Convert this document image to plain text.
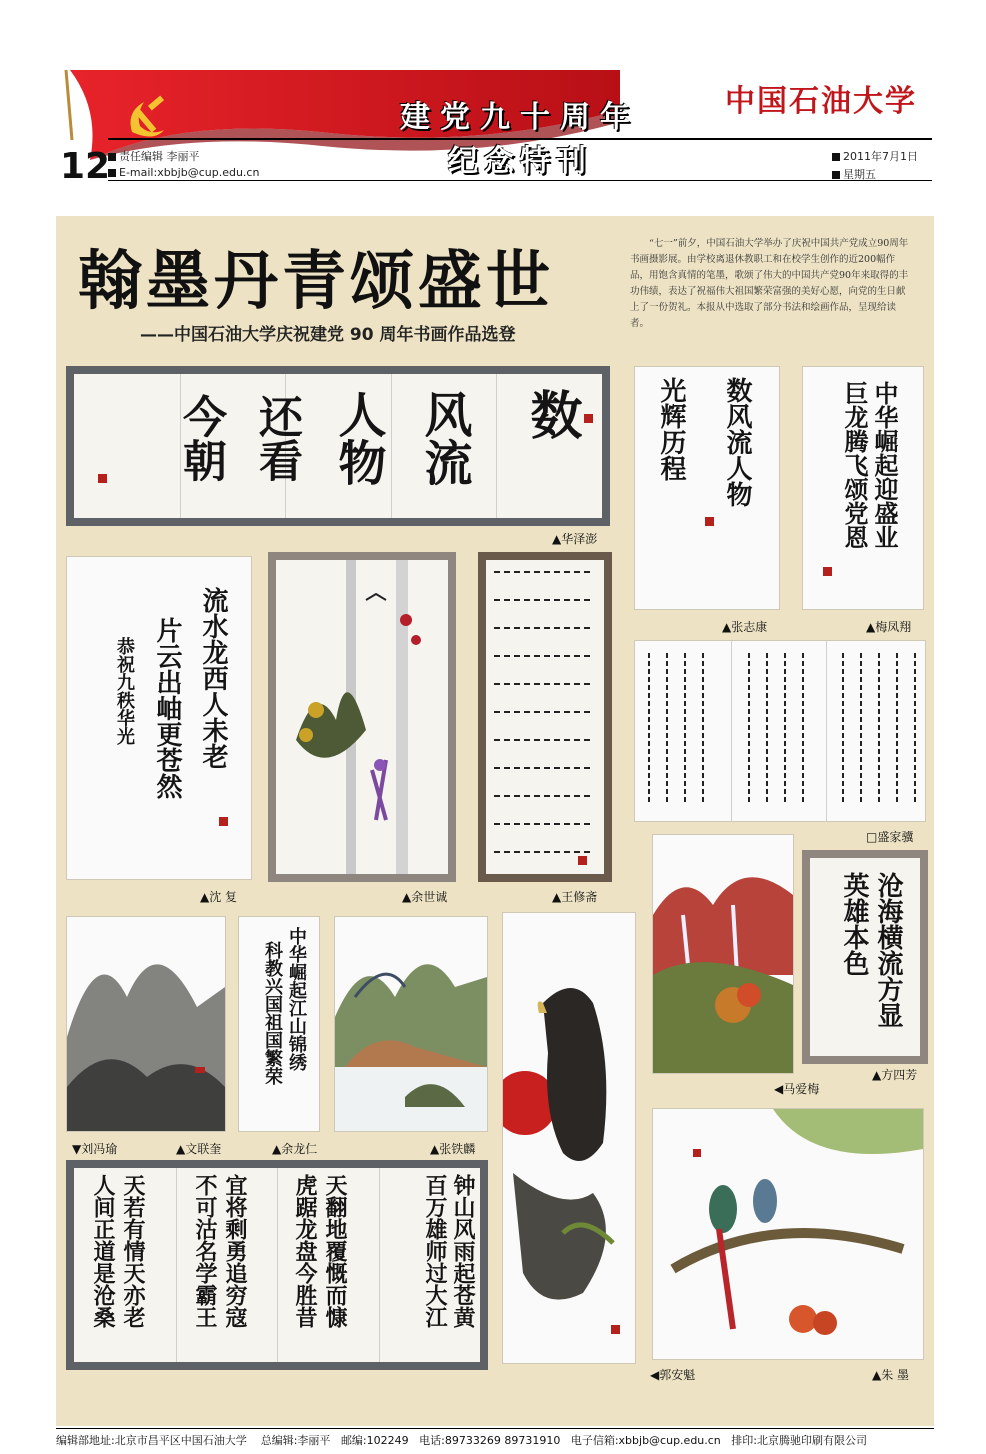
建党九十周年
纪念特刊
中国石油大学
12 责任编辑 李丽平
E-mail:xbbjb@cup.edu.cn
2011年7月1日
星期五
翰墨丹青颂盛世
——中国石油大学庆祝建党 90 周年书画作品选登
“七一”前夕，中国石油大学举办了庆祝中国共产党成立90周年书画摄影展。由学校离退休教职工和在校学生创作的近200幅作品，用饱含真情的笔墨，歌颂了伟大的中国共产党90年来取得的丰功伟绩，表达了祝福伟大祖国繁荣富强的美好心愿，向党的生日献上了一份贺礼。本报从中选取了部分书法和绘画作品，呈现给读者。
数
风流
人物
还看
今朝
▲华泽澎
数风流人物
光辉历程
▲张志康
中华崛起迎盛业
巨龙腾飞颂党恩
▲梅凤翔
流水龙西人未老
片云出岫更苍然
恭祝九秩华光
▲沈 复	▲余世诚	▲王修斋
□盛家骥
▼刘冯瑜
中华崛起江山锦绣
科教兴国祖国繁荣
▲文联奎	▲余龙仁	▲张铁麟
◀郭安魁
◀马爱梅
沧海横流方显
英雄本色
▲方四芳
▲朱 墨
天若有情天亦老
人间正道是沧桑	宜将剩勇追穷寇
不可沽名学霸王	天翻地覆慨而慷
虎踞龙盘今胜昔	百万雄师过大江 钟山风雨起苍黄
编辑部地址:北京市昌平区中国石油大学 总编辑:李丽平 邮编:102249 电话:89733269 89731910 电子信箱:xbbjb@cup.edu.cn 排印:北京腾驰印刷有限公司
